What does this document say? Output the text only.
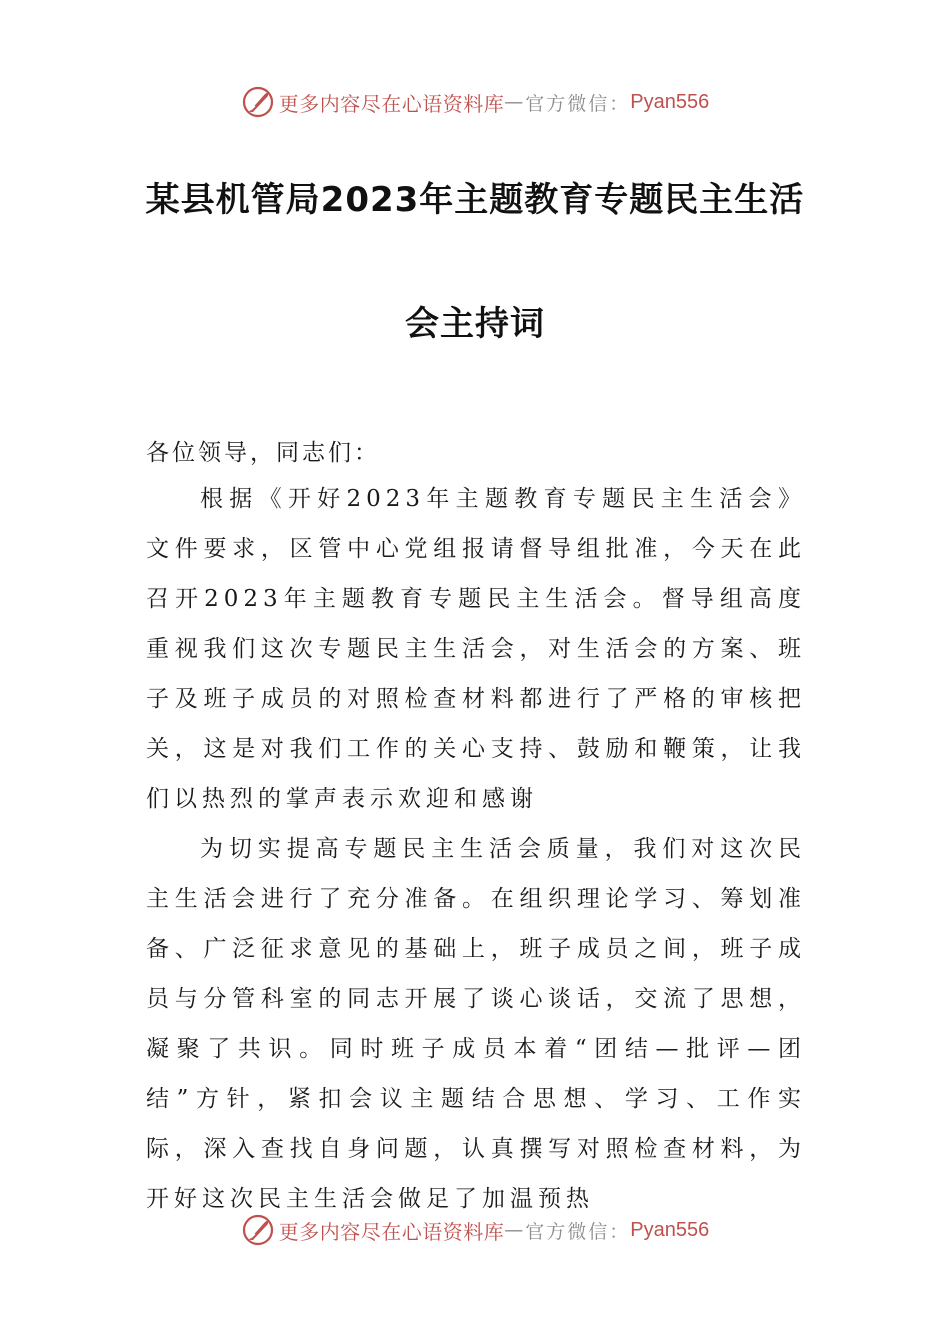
更多内容尽在心语资料库 — 官方微信： Pyan556
某县机管局2023年主题教育专题民主生活
会主持词

各位领导，同志们：

根据《开好2023年主题教育专题民主生活会》文件要求，区管中心党组报请督导组批准，今天在此召开2023年主题教育专题民主生活会。督导组高度重视我们这次专题民主生活会，对生活会的方案、班子及班子成员的对照检查材料都进行了严格的审核把关，这是对我们工作的关心支持、鼓励和鞭策，让我们以热烈的掌声表示欢迎和感谢

为切实提高专题民主生活会质量，我们对这次民主生活会进行了充分准备。在组织理论学习、筹划准备、广泛征求意见的基础上，班子成员之间，班子成员与分管科室的同志开展了谈心谈话，交流了思想，凝聚了共识。同时班子成员本着“团结—批评—团结”方针，紧扣会议主题结合思想、学习、工作实际，深入查找自身问题，认真撰写对照检查材料，为开好这次民主生活会做足了加温预热

更多内容尽在心语资料库 — 官方微信： Pyan556
